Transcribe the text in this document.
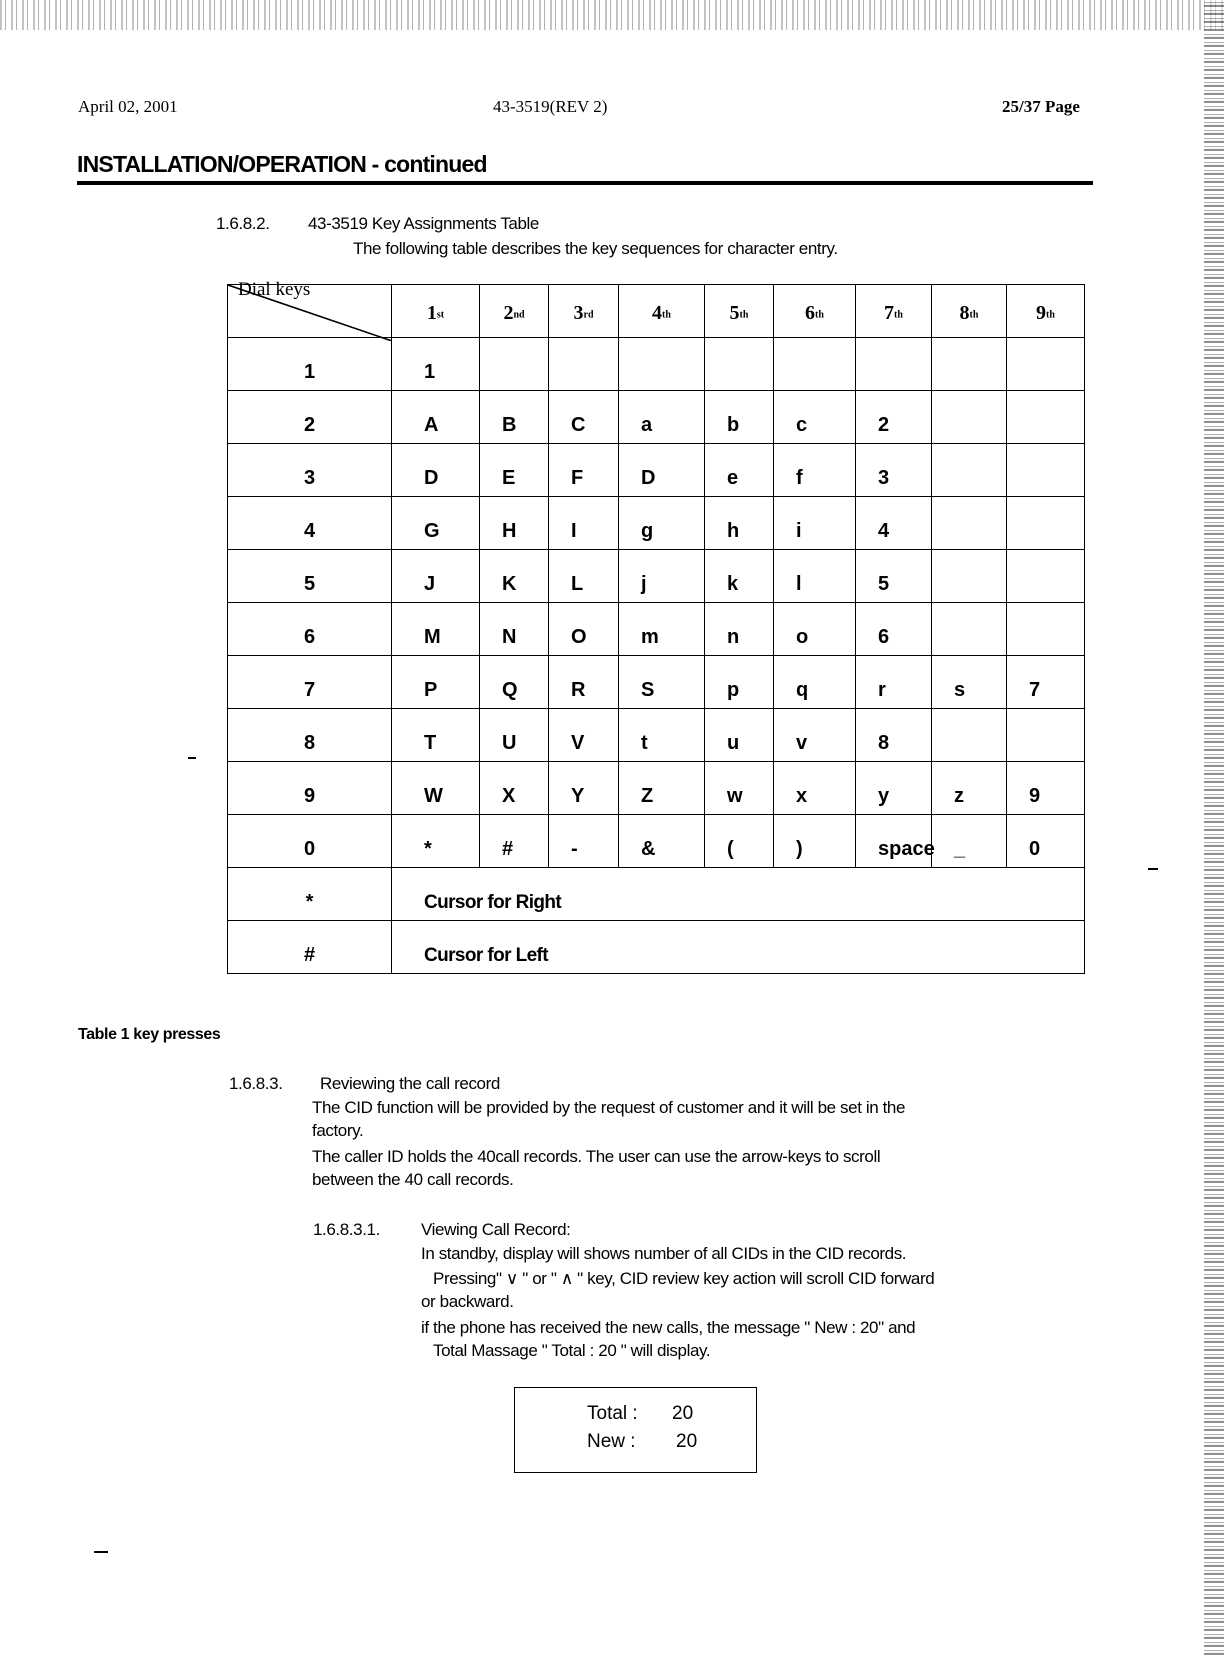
April 02, 2001	43-3519(REV 2)	25/37 Page
INSTALLATION/OPERATION - continued
1.6.8.2. 43-3519 Key Assignments Table
The following table describes the key sequences for character entry.
Dial keys	1st	2nd	3rd	4th	5th	6th	7th	8th	9th
1	1								
2	A	B	C	a	b	c	2		
3	D	E	F	D	e	f	3		
4	G	H	I	g	h	i	4		
5	J	K	L	j	k	l	5		
6	M	N	O	m	n	o	6		
7	P	Q	R	S	p	q	r	s	7
8	T	U	V	t	u	v	8		
9	W	X	Y	Z	w	x	y	z	9
0	*	#	-	&	(	)	space	_	0
*	Cursor for Right								
#	Cursor for Left								
Table 1 key presses
1.6.8.3. Reviewing the call record
The CID function will be provided by the request of customer and it will be set in the
factory.
The caller ID holds the 40call records. The user can use the arrow-keys to scroll
between the 40 call records.
1.6.8.3.1. Viewing Call Record:
In standby, display will shows number of all CIDs in the CID records.
Pressing" ∨ " or " ∧ " key, CID review key action will scroll CID forward
or backward.
if the phone has received the new calls, the message " New : 20" and
Total Massage " Total : 20 " will display.
Total : 20
New : 20
